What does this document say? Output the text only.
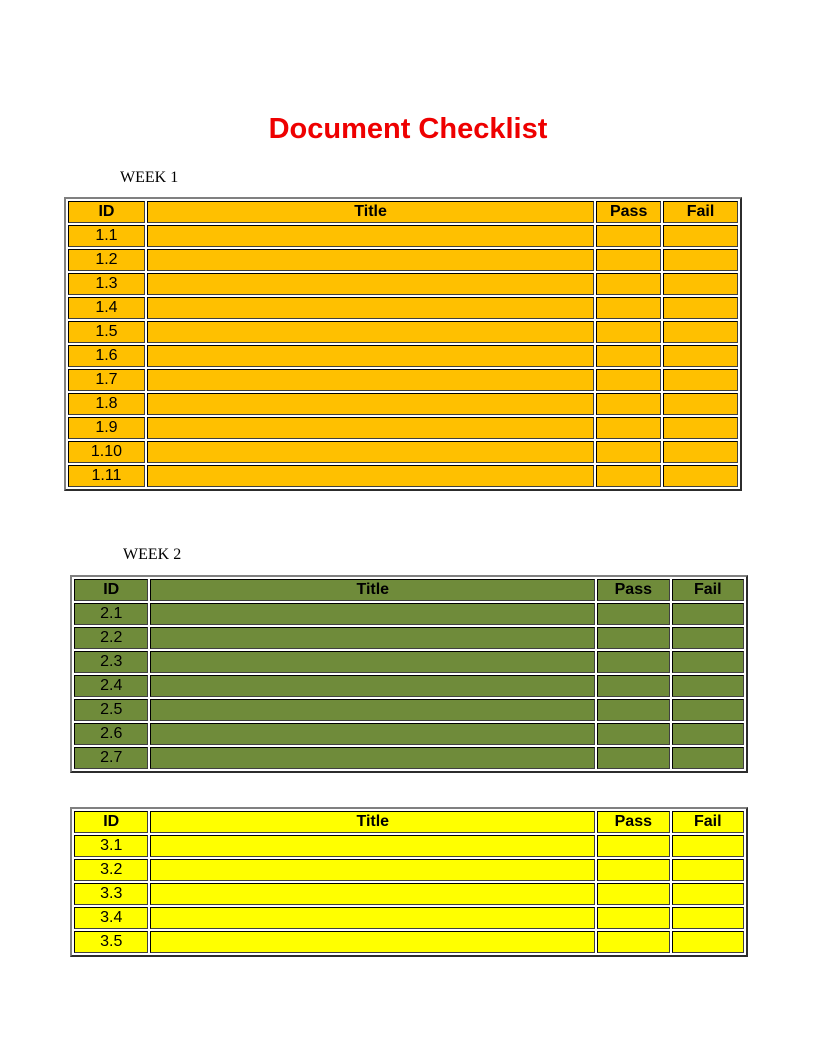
Document Checklist
WEEK 1
ID	Title	Pass	Fail
1.1			
1.2			
1.3			
1.4			
1.5			
1.6			
1.7			
1.8			
1.9			
1.10			
1.11			
WEEK 2
ID	Title	Pass	Fail
2.1			
2.2			
2.3			
2.4			
2.5			
2.6			
2.7			
ID	Title	Pass	Fail
3.1			
3.2			
3.3			
3.4			
3.5			
